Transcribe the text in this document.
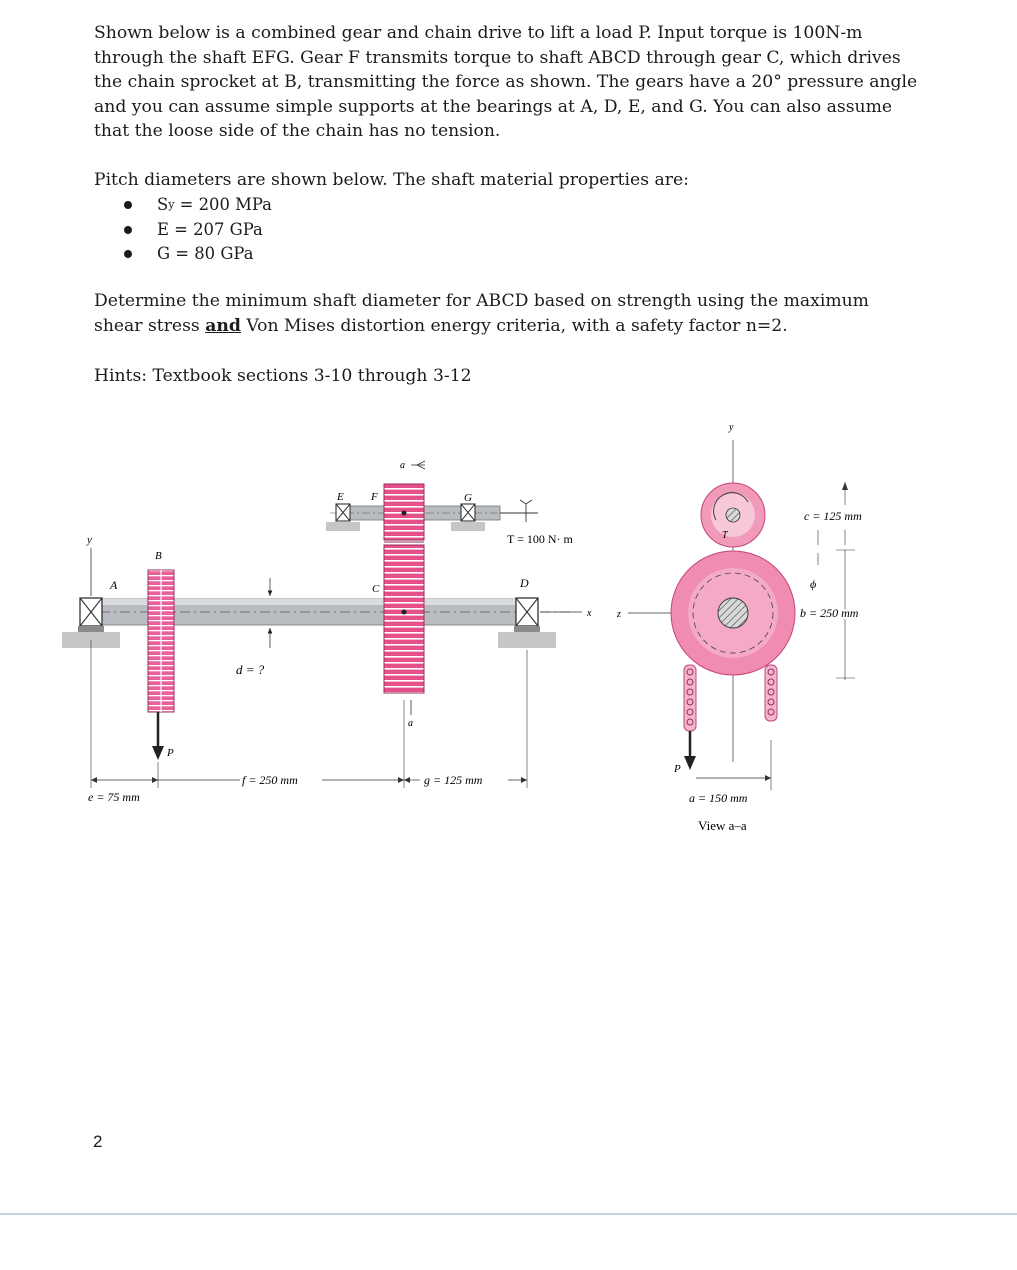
Shown below is a combined gear and chain drive to lift a load P. Input torque is 100N-m
through the shaft EFG. Gear F transmits torque to shaft ABCD through gear C, which drives
the chain sprocket at B, transmitting the force as shown. The gears have a 20° pressure angle
and you can assume simple supports at the bearings at A, D, E, and G. You can also assume
that the loose side of the chain has no tension.
Pitch diameters are shown below. The shaft material properties are:
S y = 200 MPa
E = 207 GPa
G = 80 GPa
Determine the minimum shaft diameter for ABCD based on strength using the maximum
shear stress and Von Mises distortion energy criteria, with a safety factor n=2.
Hints: Textbook sections 3-10 through 3-12
y
A
B
C	D
E F	G
a
a
T = 100 N· m
x
d = ?
P
e = 75 mm
f = 250 mm	g = 125 mm
y
z
T
P
ϕ
a = 150 mm
View a–a
b = 250 mm
c = 125 mm
2
